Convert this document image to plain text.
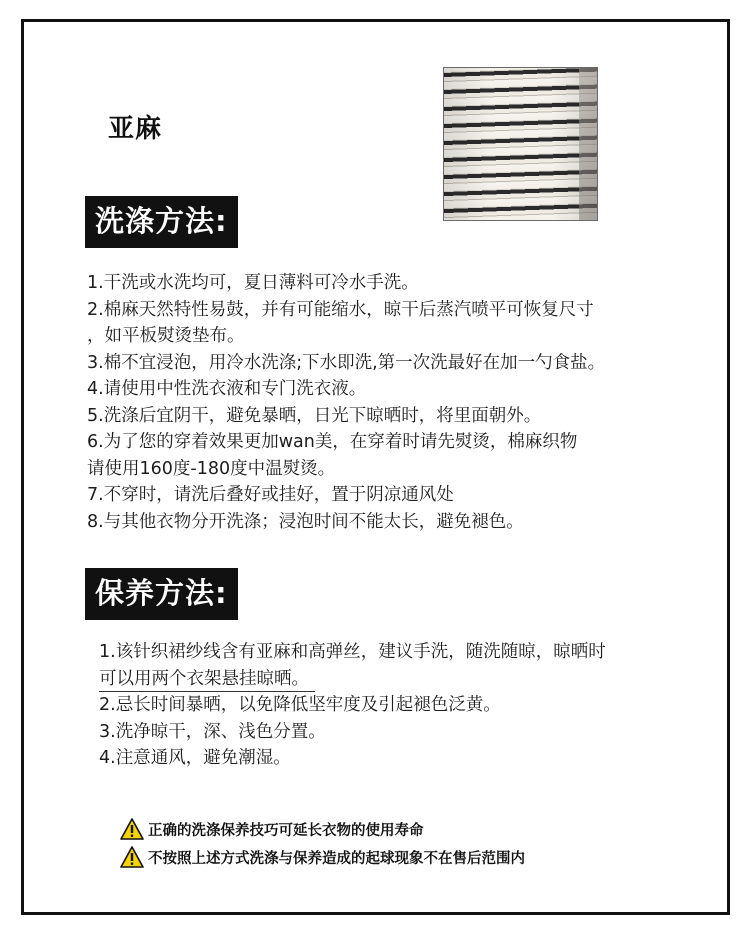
亚麻
洗涤方法:
1.干洗或水洗均可，夏日薄料可冷水手洗。
2.棉麻天然特性易鼓，并有可能缩水，晾干后蒸汽喷平可恢复尺寸
，如平板熨烫垫布。
3.棉不宜浸泡，用冷水洗涤;下水即洗,第一次洗最好在加一勺食盐。
4.请使用中性洗衣液和专门洗衣液。
5.洗涤后宜阴干，避免暴晒，日光下晾晒时，将里面朝外。
6.为了您的穿着效果更加wan美，在穿着时请先熨烫，棉麻织物
请使用160度-180度中温熨烫。
7.不穿时，请洗后叠好或挂好，置于阴凉通风处
8.与其他衣物分开洗涤；浸泡时间不能太长，避免褪色。
保养方法:
1.该针织裙纱线含有亚麻和高弹丝，建议手洗，随洗随晾，晾晒时
可以用两个衣架悬挂晾晒。
2.忌长时间暴晒，以免降低坚牢度及引起褪色泛黄。
3.洗净晾干，深、浅色分置。
4.注意通风，避免潮湿。
正确的洗涤保养技巧可延长衣物的使用寿命
不按照上述方式洗涤与保养造成的起球现象不在售后范围内
